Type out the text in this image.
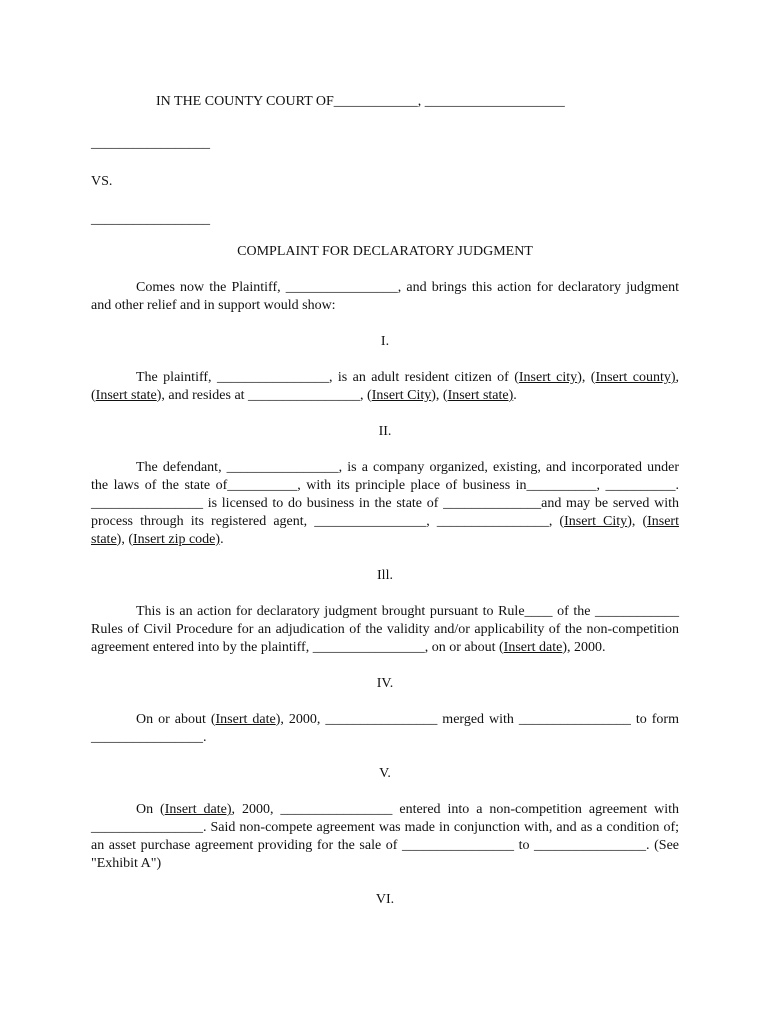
IN THE COUNTY COURT OF____________, ____________________
_________________
VS.
_________________
COMPLAINT FOR DECLARATORY JUDGMENT

Comes now the Plaintiff, ________________, and brings this action for declaratory judgment and other relief and in support would show:

I.

The plaintiff, ________________, is an adult resident citizen of (Insert city), (Insert county), (Insert state), and resides at ________________, (Insert City), (Insert state).

II.

The defendant, ________________, is a company organized, existing, and incorporated under the laws of the state of__________, with its principle place of business in__________, __________. ________________ is licensed to do business in the state of ______________and may be served with process through its registered agent, ________________, ________________, (Insert City), (Insert state), (Insert zip code).

Ill.

This is an action for declaratory judgment brought pursuant to Rule____ of the ____________ Rules of Civil Procedure for an adjudication of the validity and/or applicability of the non-competition agreement entered into by the plaintiff, ________________, on or about (Insert date), 2000.

IV.

On or about (Insert date), 2000, ________________ merged with ________________ to form ________________.

V.

On (Insert date), 2000, ________________ entered into a non-competition agreement with ________________. Said non-compete agreement was made in conjunction with, and as a condition of; an asset purchase agreement providing for the sale of ________________ to ________________. (See "Exhibit A")

VI.
